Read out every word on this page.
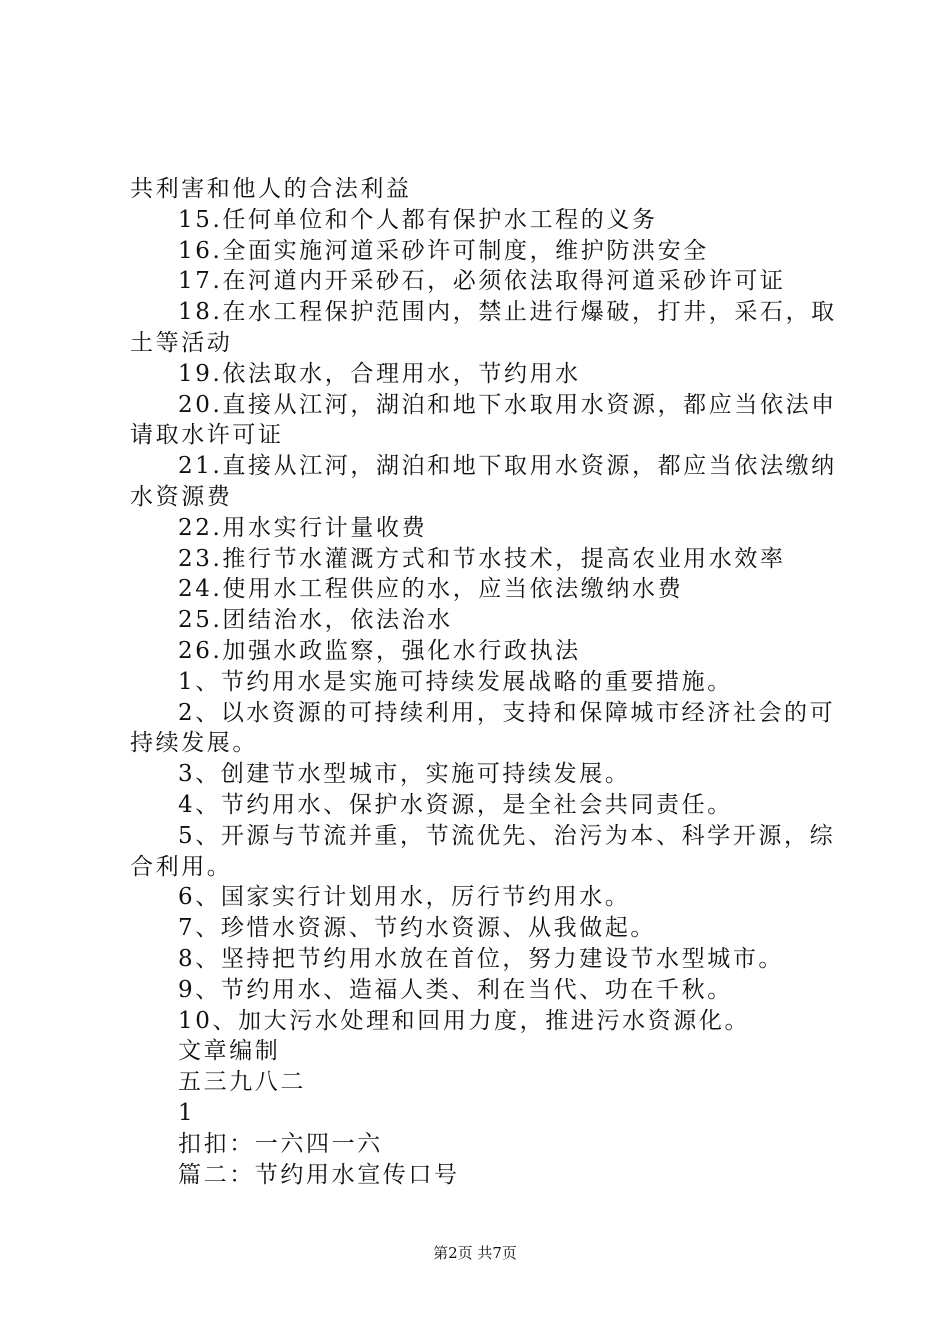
共利害和他人的合法利益
15.任何单位和个人都有保护水工程的义务
16.全面实施河道采砂许可制度，维护防洪安全
17.在河道内开采砂石，必须依法取得河道采砂许可证
18.在水工程保护范围内，禁止进行爆破，打井，采石，取
土等活动
19.依法取水，合理用水，节约用水
20.直接从江河，湖泊和地下水取用水资源，都应当依法申
请取水许可证
21.直接从江河，湖泊和地下取用水资源，都应当依法缴纳
水资源费
22.用水实行计量收费
23.推行节水灌溉方式和节水技术，提高农业用水效率
24.使用水工程供应的水，应当依法缴纳水费
25.团结治水，依法治水
26.加强水政监察，强化水行政执法
1、节约用水是实施可持续发展战略的重要措施。
2、以水资源的可持续利用，支持和保障城市经济社会的可
持续发展。
3、创建节水型城市，实施可持续发展。
4、节约用水、保护水资源，是全社会共同责任。
5、开源与节流并重，节流优先、治污为本、科学开源，综
合利用。
6、国家实行计划用水，厉行节约用水。
7、珍惜水资源、节约水资源、从我做起。
8、坚持把节约用水放在首位，努力建设节水型城市。
9、节约用水、造福人类、利在当代、功在千秋。
10、加大污水处理和回用力度，推进污水资源化。
文章编制
五三九八二
1
扣扣：一六四一六
篇二：节约用水宣传口号
第2页 共7页
